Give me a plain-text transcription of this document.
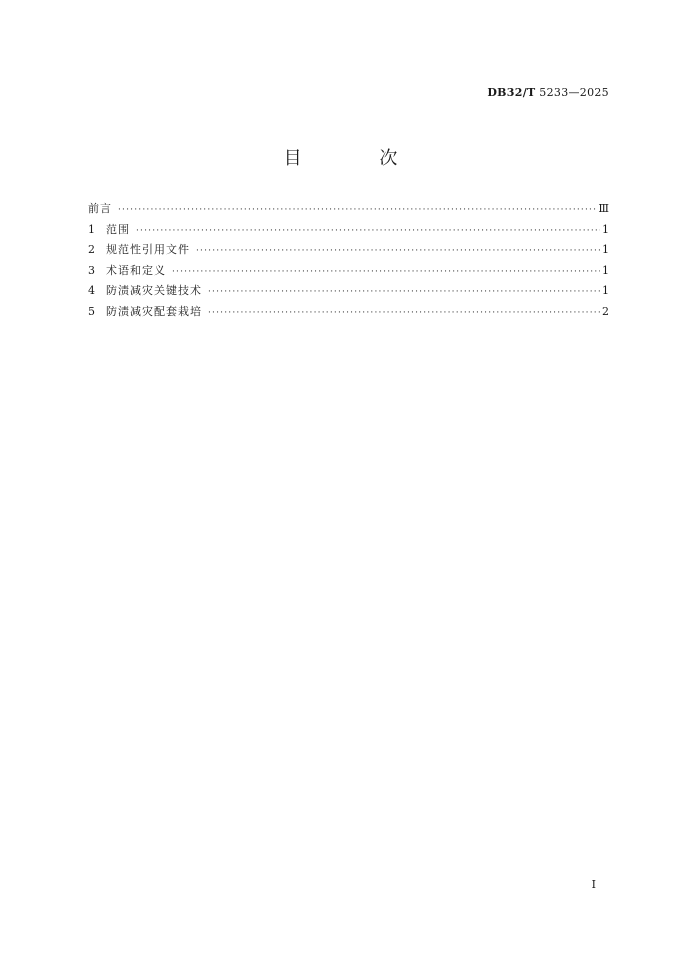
DB32/T 5233—2025
目 次
前言 ·····	Ⅲ
1	范围 ·····	1
2	规范性引用文件 ·····	1
3	术语和定义 ·····	1
4	防渍减灾关键技术 ·····	1
5	防渍减灾配套栽培 ·····	2
Ⅰ
